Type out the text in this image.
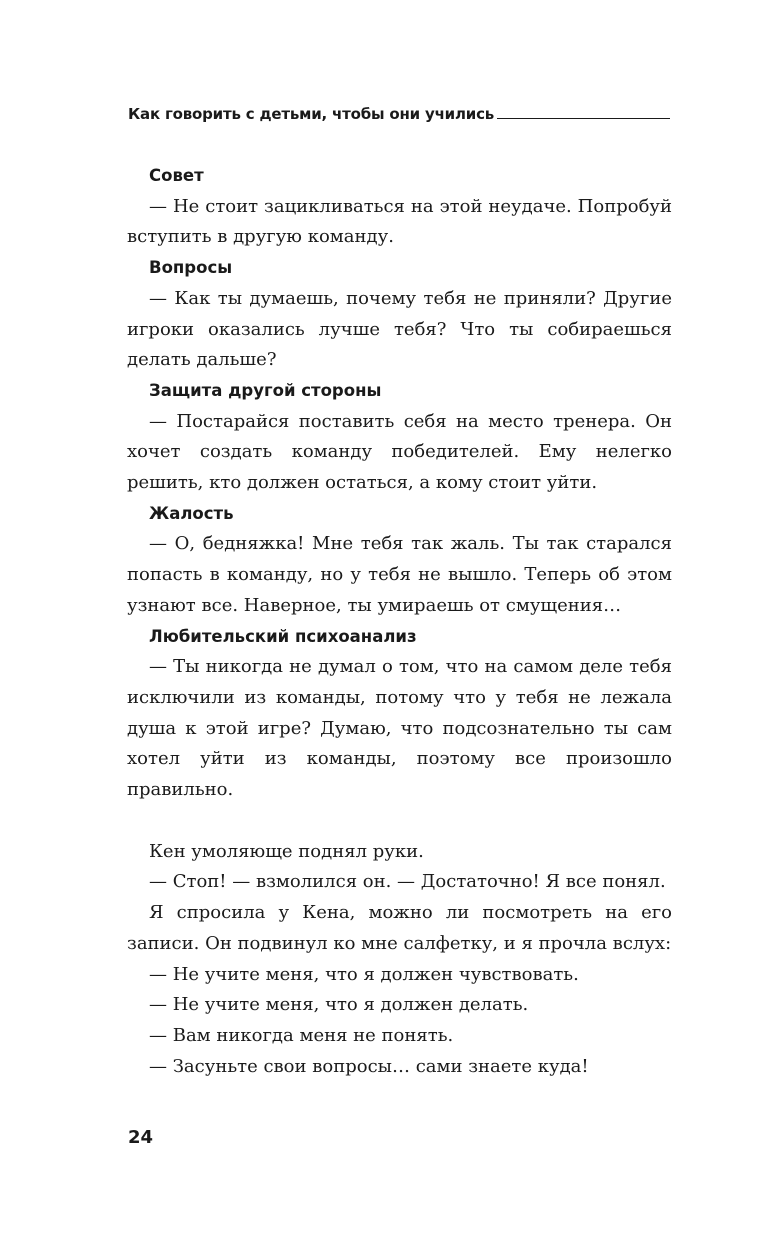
Как говорить с детьми, чтобы они учились

Совет

— Не стоит зацикливаться на этой неудаче. Попробуй вступить в другую команду.

Вопросы

— Как ты думаешь, почему тебя не приняли? Другие игроки оказались лучше тебя? Что ты собираешься делать дальше?

Защита другой стороны

— Постарайся поставить себя на место тренера. Он хочет создать команду победителей. Ему нелегко решить, кто должен остаться, а кому стоит уйти.

Жалость

— О, бедняжка! Мне тебя так жаль. Ты так старался попасть в команду, но у тебя не вышло. Теперь об этом узнают все. Наверное, ты умираешь от смущения…

Любительский психоанализ

— Ты никогда не думал о том, что на самом деле тебя исключили из команды, потому что у тебя не лежала душа к этой игре? Думаю, что подсознательно ты сам хотел уйти из команды, поэтому все произошло правильно.

Кен умоляюще поднял руки.

— Стоп! — взмолился он. — Достаточно! Я все понял.

Я спросила у Кена, можно ли посмотреть на его записи. Он подвинул ко мне салфетку, и я прочла вслух:

— Не учите меня, что я должен чувствовать.

— Не учите меня, что я должен делать.

— Вам никогда меня не понять.

— Засуньте свои вопросы… сами знаете куда!

24
